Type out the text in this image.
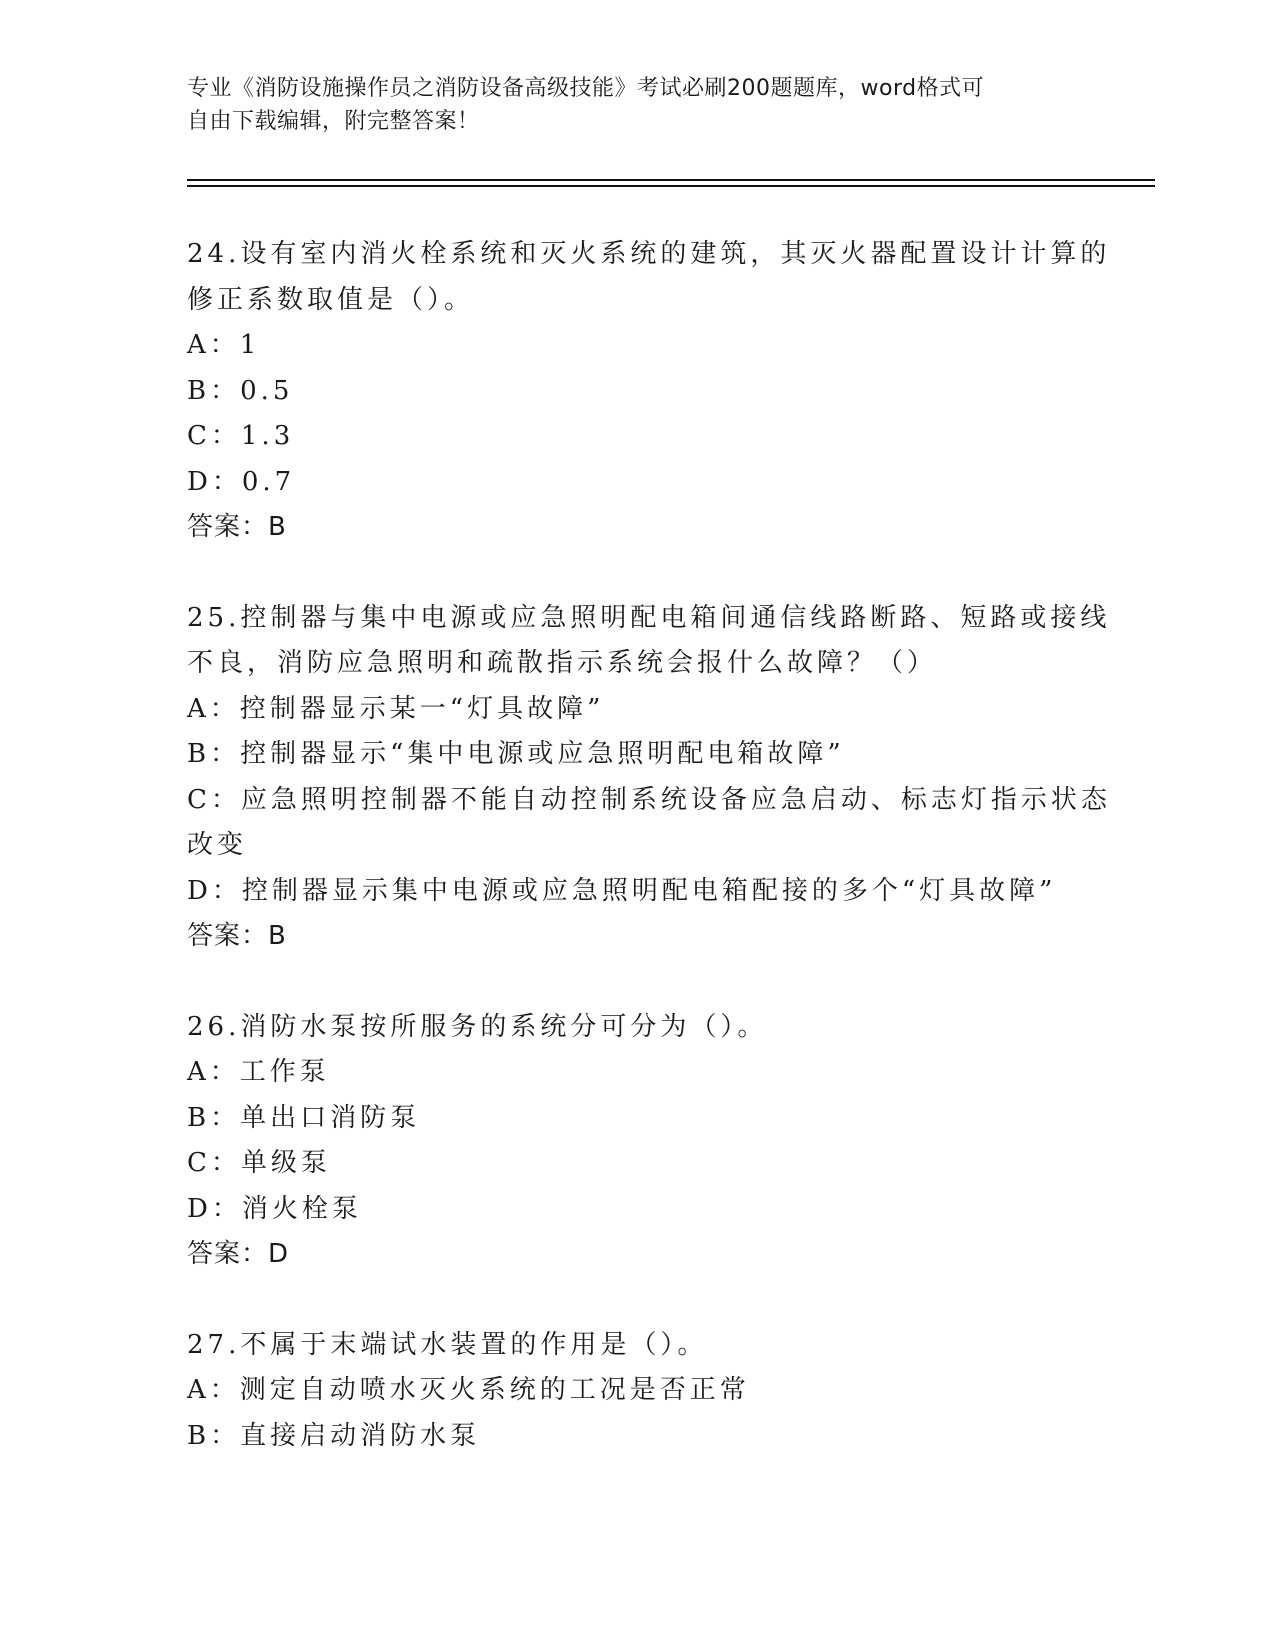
专业《消防设施操作员之消防设备高级技能》考试必刷200题题库，word格式可
自由下载编辑，附完整答案！
24.设有室内消火栓系统和灭火系统的建筑，其灭火器配置设计计算的
修正系数取值是（）。
A：1
B：0.5
C：1.3
D：0.7
答案：B
25.控制器与集中电源或应急照明配电箱间通信线路断路、短路或接线
不良，消防应急照明和疏散指示系统会报什么故障？（）
A：控制器显示某一“灯具故障”
B：控制器显示“集中电源或应急照明配电箱故障”
C：应急照明控制器不能自动控制系统设备应急启动、标志灯指示状态
改变
D：控制器显示集中电源或应急照明配电箱配接的多个“灯具故障”
答案：B
26.消防水泵按所服务的系统分可分为（）。
A：工作泵
B：单出口消防泵
C：单级泵
D：消火栓泵
答案：D
27.不属于末端试水装置的作用是（）。
A：测定自动喷水灭火系统的工况是否正常
B：直接启动消防水泵
